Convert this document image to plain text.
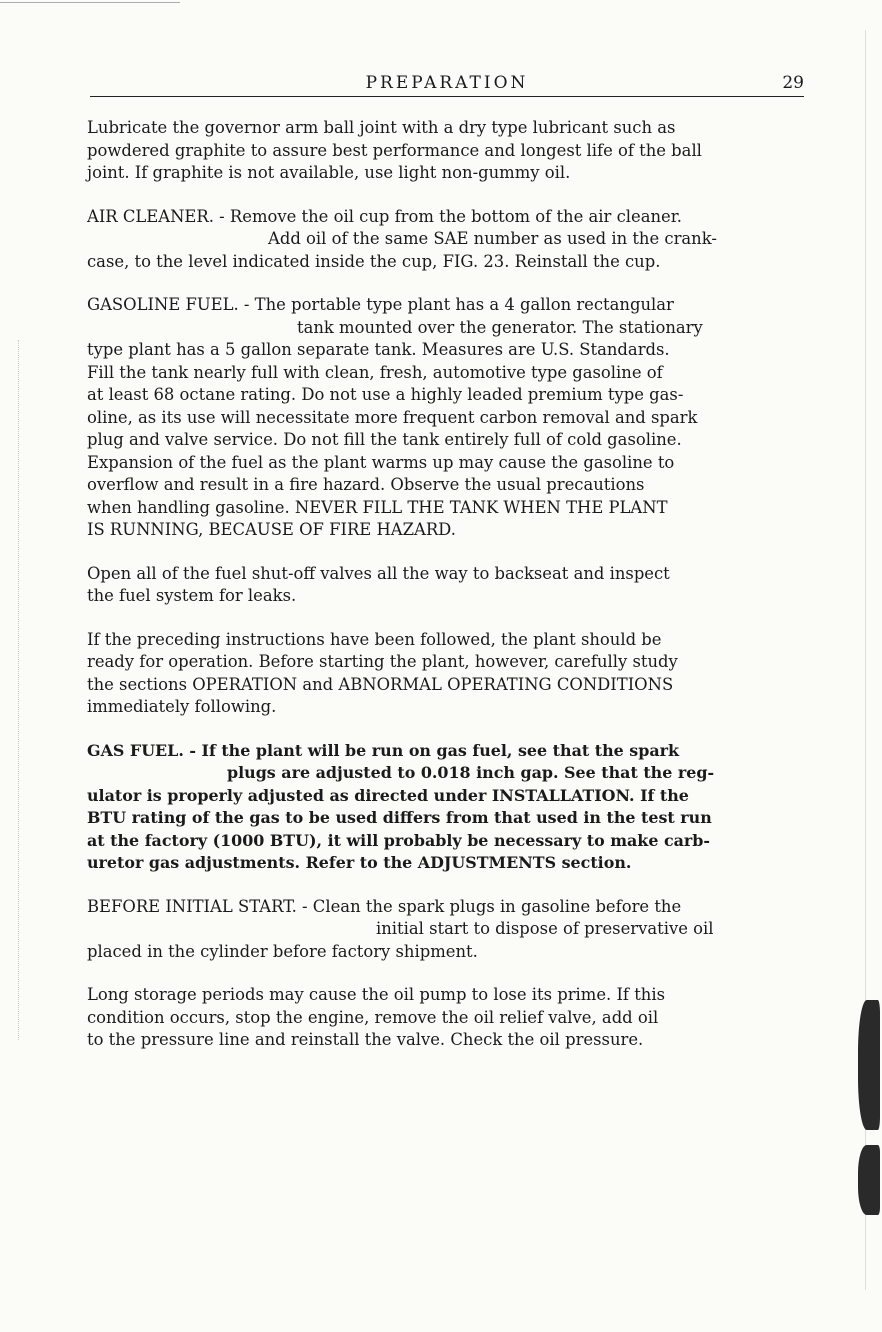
PREPARATION	29

Lubricate the governor arm ball joint with a dry type lubricant such as
powdered graphite to assure best performance and longest life of the ball
joint. If graphite is not available, use light non-gummy oil.

AIR CLEANER. - Remove the oil cup from the bottom of the air cleaner.
Add oil of the same SAE number as used in the crank-
case, to the level indicated inside the cup, FIG. 23. Reinstall the cup.

GASOLINE FUEL. - The portable type plant has a 4 gallon rectangular
tank mounted over the generator. The stationary
type plant has a 5 gallon separate tank. Measures are U.S. Standards.
Fill the tank nearly full with clean, fresh, automotive type gasoline of
at least 68 octane rating. Do not use a highly leaded premium type gas-
oline, as its use will necessitate more frequent carbon removal and spark
plug and valve service. Do not fill the tank entirely full of cold gasoline.
Expansion of the fuel as the plant warms up may cause the gasoline to
overflow and result in a fire hazard. Observe the usual precautions
when handling gasoline. NEVER FILL THE TANK WHEN THE PLANT
IS RUNNING, BECAUSE OF FIRE HAZARD.

Open all of the fuel shut-off valves all the way to backseat and inspect
the fuel system for leaks.

If the preceding instructions have been followed, the plant should be
ready for operation. Before starting the plant, however, carefully study
the sections OPERATION and ABNORMAL OPERATING CONDITIONS
immediately following.

GAS FUEL. - If the plant will be run on gas fuel, see that the spark
plugs are adjusted to 0.018 inch gap. See that the reg-
ulator is properly adjusted as directed under INSTALLATION. If the
BTU rating of the gas to be used differs from that used in the test run
at the factory (1000 BTU), it will probably be necessary to make carb-
uretor gas adjustments. Refer to the ADJUSTMENTS section.

BEFORE INITIAL START. - Clean the spark plugs in gasoline before the
initial start to dispose of preservative oil
placed in the cylinder before factory shipment.

Long storage periods may cause the oil pump to lose its prime. If this
condition occurs, stop the engine, remove the oil relief valve, add oil
to the pressure line and reinstall the valve. Check the oil pressure.
